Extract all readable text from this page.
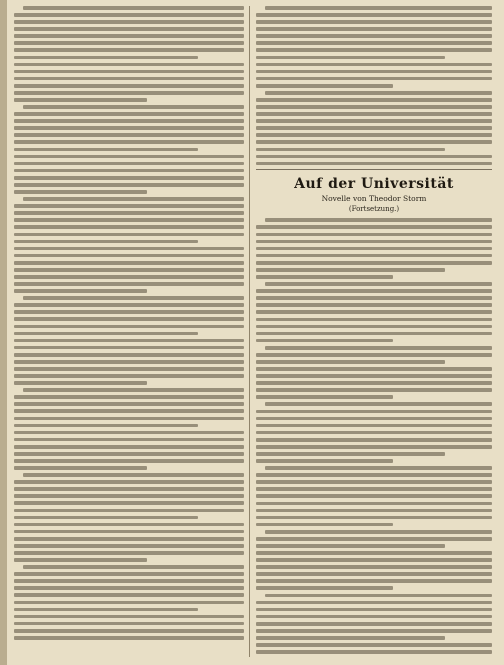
Auf der Universität
Novelle von Theodor Storm
(Fortsetzung.)
